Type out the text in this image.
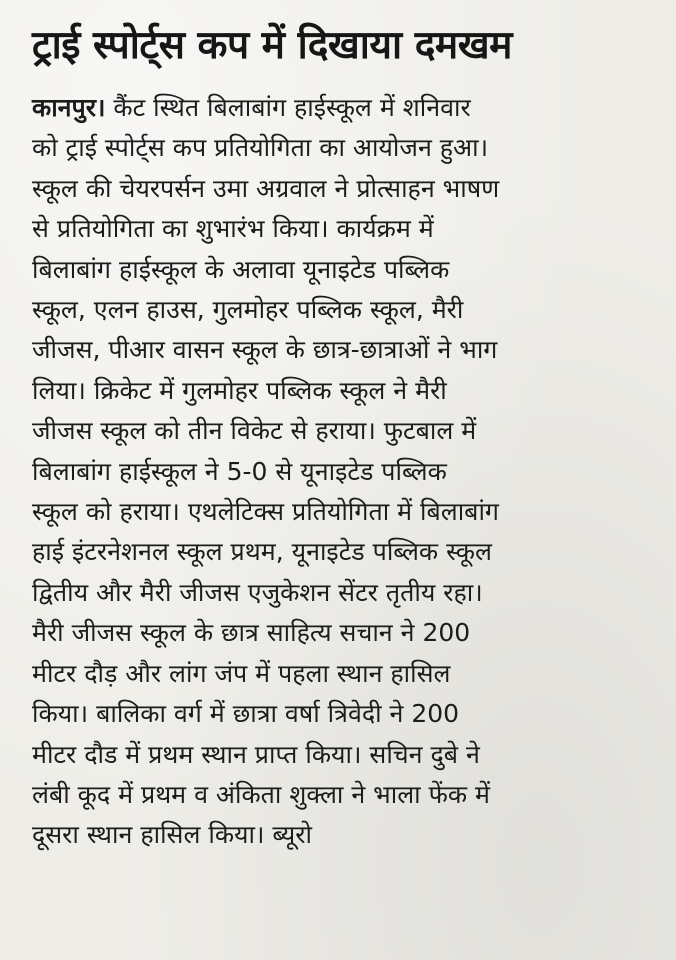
ट्राई स्पोर्ट्स कप में दिखाया दमखम
कानपुर। कैंट स्थित बिलाबांग हाईस्कूल में शनिवार
को ट्राई स्पोर्ट्स कप प्रतियोगिता का आयोजन हुआ।
स्कूल की चेयरपर्सन उमा अग्रवाल ने प्रोत्साहन भाषण
से प्रतियोगिता का शुभारंभ किया। कार्यक्रम में
बिलाबांग हाईस्कूल के अलावा यूनाइटेड पब्लिक
स्कूल, एलन हाउस, गुलमोहर पब्लिक स्कूल, मैरी
जीजस, पीआर वासन स्कूल के छात्र-छात्राओं ने भाग
लिया। क्रिकेट में गुलमोहर पब्लिक स्कूल ने मैरी
जीजस स्कूल को तीन विकेट से हराया। फुटबाल में
बिलाबांग हाईस्कूल ने 5-0 से यूनाइटेड पब्लिक
स्कूल को हराया। एथलेटिक्स प्रतियोगिता में बिलाबांग
हाई इंटरनेशनल स्कूल प्रथम, यूनाइटेड पब्लिक स्कूल
द्वितीय और मैरी जीजस एजुकेशन सेंटर तृतीय रहा।
मैरी जीजस स्कूल के छात्र साहित्य सचान ने 200
मीटर दौड़ और लांग जंप में पहला स्थान हासिल
किया। बालिका वर्ग में छात्रा वर्षा त्रिवेदी ने 200
मीटर दौड में प्रथम स्थान प्राप्त किया। सचिन दुबे ने
लंबी कूद में प्रथम व अंकिता शुक्ला ने भाला फेंक में
दूसरा स्थान हासिल किया। ब्यूरो
